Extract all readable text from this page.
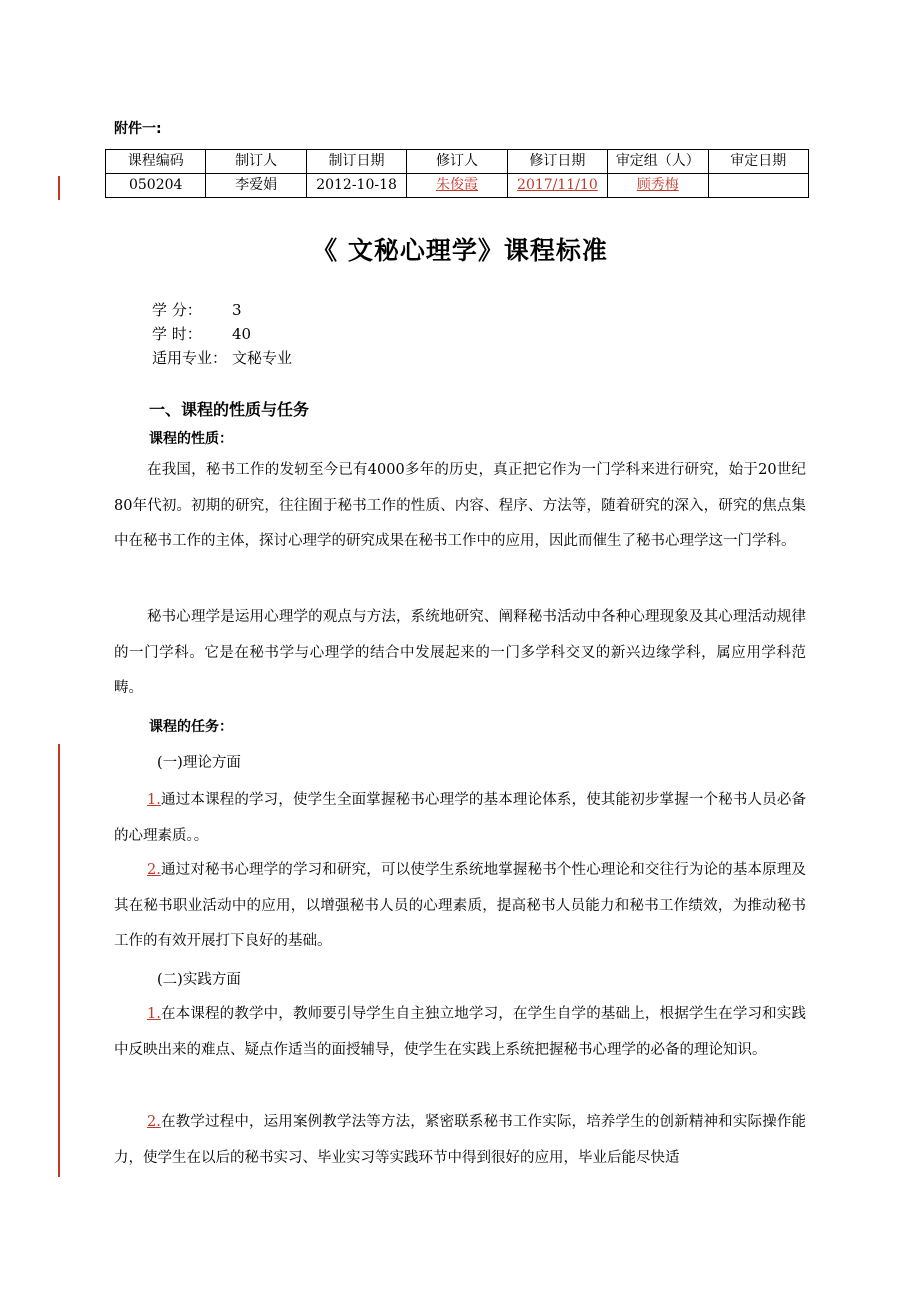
附件一:
课程编码	制订人	制订日期	修订人	修订日期	审定组（人）	审定日期
050204	李爱娟	2012-10-18	朱俊霞	2017/11/10	顾秀梅	
《 文秘心理学》课程标准
学 分： 3
学 时： 40
适用专业： 文秘专业
一、课程的性质与任务
课程的性质：
在我国，秘书工作的发轫至今已有4000多年的历史，真正把它作为一门学科来进行研究，始于20世纪80年代初。初期的研究，往往囿于秘书工作的性质、内容、程序、方法等，随着研究的深入，研究的焦点集中在秘书工作的主体，探讨心理学的研究成果在秘书工作中的应用，因此而催生了秘书心理学这一门学科。
秘书心理学是运用心理学的观点与方法，系统地研究、阐释秘书活动中各种心理现象及其心理活动规律的一门学科。它是在秘书学与心理学的结合中发展起来的一门多学科交叉的新兴边缘学科，属应用学科范畴。
课程的任务：
(一)理论方面
1.通过本课程的学习，使学生全面掌握秘书心理学的基本理论体系，使其能初步掌握一个秘书人员必备的心理素质。。
2.通过对秘书心理学的学习和研究，可以使学生系统地掌握秘书个性心理论和交往行为论的基本原理及其在秘书职业活动中的应用，以增强秘书人员的心理素质，提高秘书人员能力和秘书工作绩效，为推动秘书工作的有效开展打下良好的基础。
(二)实践方面
1.在本课程的教学中，教师要引导学生自主独立地学习，在学生自学的基础上，根据学生在学习和实践中反映出来的难点、疑点作适当的面授辅导，使学生在实践上系统把握秘书心理学的必备的理论知识。
2.在教学过程中，运用案例教学法等方法，紧密联系秘书工作实际，培养学生的创新精神和实际操作能力，使学生在以后的秘书实习、毕业实习等实践环节中得到很好的应用，毕业后能尽快适
